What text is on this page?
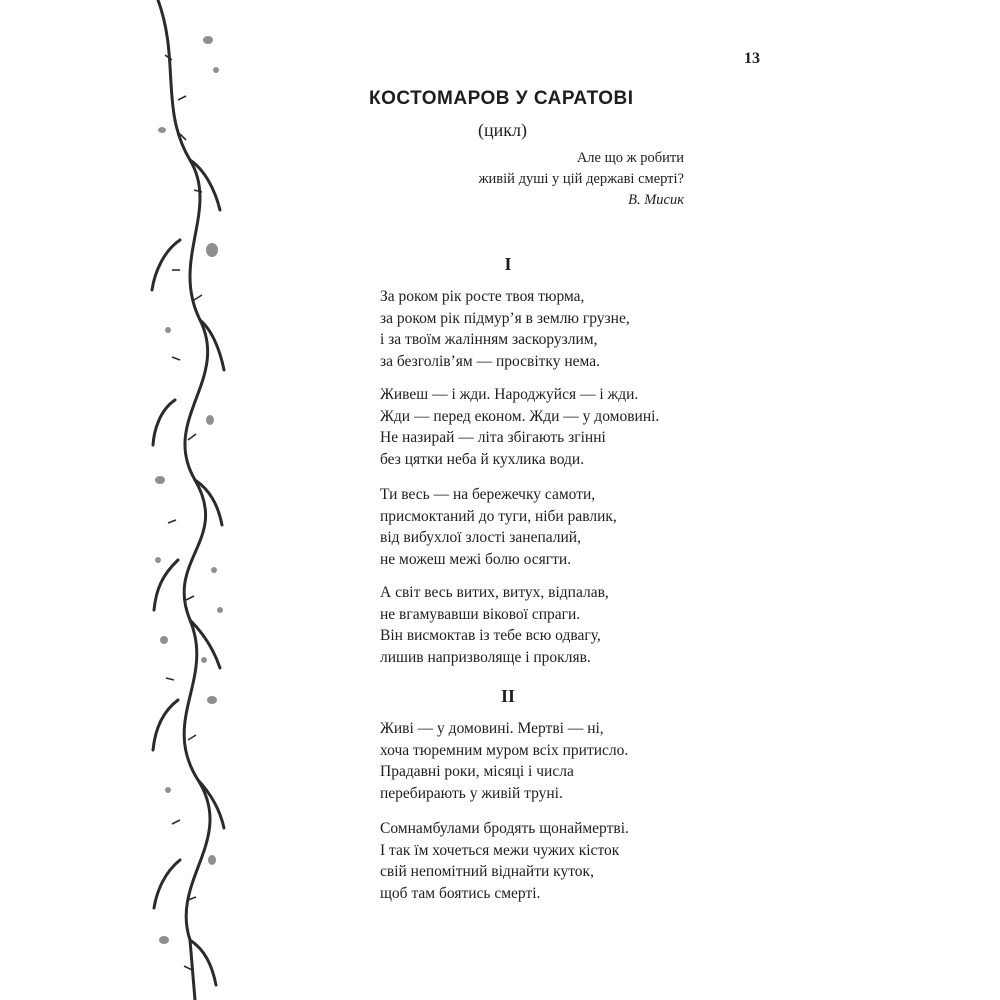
13
КОСТОМАРОВ У САРАТОВІ
(цикл)
Але що ж робити
живій душі у цій державі смерті?
В. Мисик
I
За роком рік росте твоя тюрма,
за роком рік підмур’я в землю грузне,
і за твоїм жалінням заскорузлим,
за безголів’ям — просвітку нема.
Живеш — і жди. Народжуйся — і жди.
Жди — перед економ. Жди — у домовині.
Не назирай — літа збігають згінні
без цятки неба й кухлика води.
Ти весь — на бережечку самоти,
присмоктаний до туги, ніби равлик,
від вибухлої злості занепалий,
не можеш межі болю осягти.
А світ весь витих, витух, відпалав,
не вгамувавши вікової спраги.
Він висмоктав із тебе всю одвагу,
лишив напризволяще і прокляв.
II
Живі — у домовині. Мертві — ні,
хоча тюремним муром всіх притисло.
Прадавні роки, місяці і числа
перебирають у живій труні.
Сомнамбулами бродять щонаймертві.
І так їм хочеться межи чужих кісток
свій непомітний віднайти куток,
щоб там боятись смерті.
